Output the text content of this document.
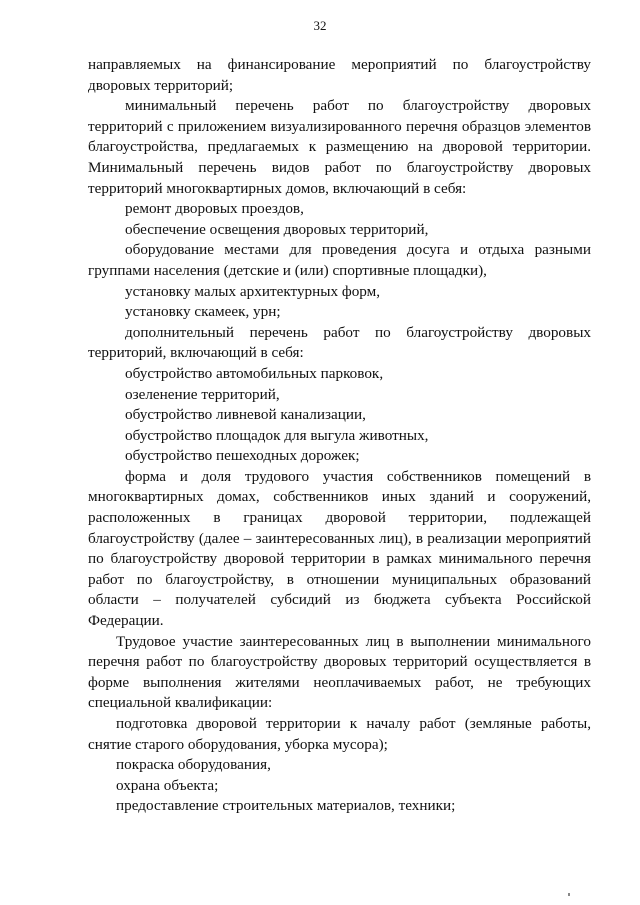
32

направляемых на финансирование мероприятий по благоустройству дворовых территорий;

минимальный перечень работ по благоустройству дворовых территорий с приложением визуализированного перечня образцов элементов благоустройства, предлагаемых к размещению на дворовой территории. Минимальный перечень видов работ по благоустройству дворовых территорий многоквартирных домов, включающий в себя:

ремонт дворовых проездов,

обеспечение освещения дворовых территорий,

оборудование местами для проведения досуга и отдыха разными группами населения (детские и (или) спортивные площадки),

установку малых архитектурных форм,

установку скамеек, урн;

дополнительный перечень работ по благоустройству дворовых территорий, включающий в себя:

обустройство автомобильных парковок,

озеленение территорий,

обустройство ливневой канализации,

обустройство площадок для выгула животных,

обустройство пешеходных дорожек;

форма и доля трудового участия собственников помещений в многоквартирных домах, собственников иных зданий и сооружений, расположенных в границах дворовой территории, подлежащей благоустройству (далее – заинтересованных лиц), в реализации мероприятий по благоустройству дворовой территории в рамках минимального перечня работ по благоустройству, в отношении муниципальных образований области – получателей субсидий из бюджета субъекта Российской Федерации.

Трудовое участие заинтересованных лиц в выполнении минимального перечня работ по благоустройству дворовых территорий осуществляется в форме выполнения жителями неоплачиваемых работ, не требующих специальной квалификации:

подготовка дворовой территории к началу работ (земляные работы, снятие старого оборудования, уборка мусора);

покраска оборудования,

охрана объекта;

предоставление строительных материалов, техники;
